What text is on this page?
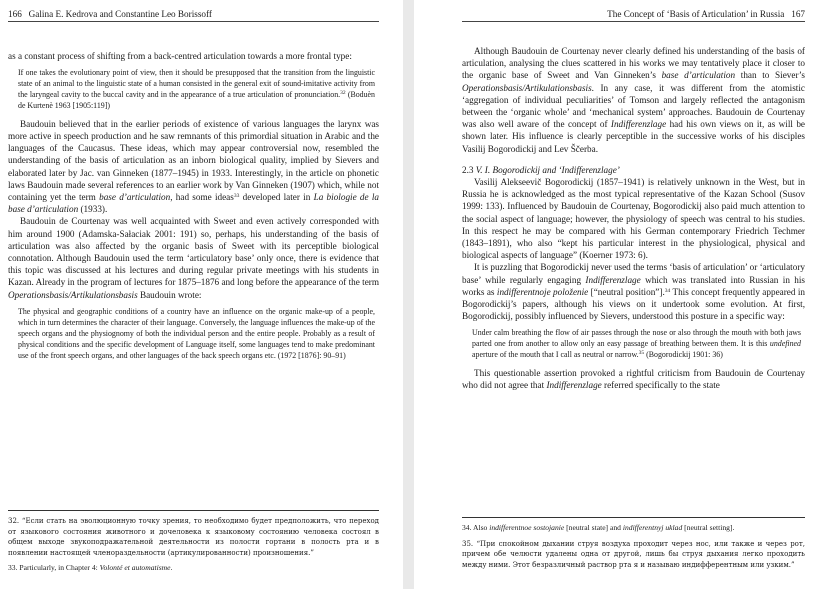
166 Galina E. Kedrova and Constantine Leo Borissoff

as a constant process of shifting from a back-centred articulation towards a more frontal type:

If one takes the evolutionary point of view, then it should be presupposed that the transition from the linguistic state of an animal to the linguistic state of a human consisted in the general exit of sound-imitative activity from the laryngeal cavity to the buccal cavity and in the appearance of a true articulation of pronunciation.$^{32}$ (Boduèn de Kurtenè 1963 [1905:119])

Baudouin believed that in the earlier periods of existence of various languages the larynx was more active in speech production and he saw remnants of this primordial situation in Arabic and the languages of the Caucasus. These ideas, which may appear controversial now, resembled the understanding of the basis of articulation as an inborn biological quality, implied by Sievers and elaborated later by Jac. van Ginneken (1877–1945) in 1933. Interestingly, in the article on phonetic laws Baudouin made several references to an earlier work by Van Ginneken (1907) which, while not containing yet the term base d’articulation, had some ideas$^{33}$ developed later in La biologie de la base d’articulation (1933).

Baudouin de Courtenay was well acquainted with Sweet and even actively corresponded with him around 1900 (Adamska-Sałaciak 2001: 191) so, perhaps, his understanding of the basis of articulation was also affected by the organic basis of Sweet with its perceptible biological connotation. Although Baudouin used the term ‘articulatory base’ only once, there is evidence that this topic was discussed at his lectures and during regular private meetings with his students in Kazan. Already in the program of lectures for 1875–1876 and long before the appearance of the term Operationsbasis/Artikulationsbasis Baudouin wrote:

The physical and geographic conditions of a country have an influence on the organic make-up of a people, which in turn determines the character of their language. Conversely, the language influences the make-up of the speech organs and the physiognomy of both the individual person and the entire people. Probably as a result of physical conditions and the specific development of Language itself, some languages tend to make predominant use of the front speech organs, and other languages of the back speech organs etc. (1972 [1876]: 90–91)

32. “Если стать на эволюционную точку зрения, то необходимо будет предположить, что переход от языкового состояния животного и дочеловека к языковому состоянию человека состоял в общем выходе звукоподражательной деятельности из полости гортани в полость рта и в появлении настоящей членораздельности (артикулированности) произношения.”

33. Particularly, in Chapter 4: Volonté et automatisme.

The Concept of ‘Basis of Articulation’ in Russia 167

Although Baudouin de Courtenay never clearly defined his understanding of the basis of articulation, analysing the clues scattered in his works we may tentatively place it closer to the organic base of Sweet and Van Ginneken’s base d’articulation than to Siever’s Operationsbasis/Artikulationsbasis. In any case, it was different from the atomistic ‘aggregation of individual peculiarities’ of Tomson and largely reflected the antagonism between the ‘organic whole’ and ‘mechanical system’ approaches. Baudouin de Courtenay was also well aware of the concept of Indifferenzlage had his own views on it, as will be shown later. His influence is clearly perceptible in the successive works of his disciples Vasilij Bogorodickij and Lev Ščerba.

2.3 V. I. Bogorodickij and ‘Indifferenzlage’

Vasilij Alekseevič Bogorodickij (1857–1941) is relatively unknown in the West, but in Russia he is acknowledged as the most typical representative of the Kazan School (Susov 1999: 133). Influenced by Baudouin de Courtenay, Bogorodickij also paid much attention to the social aspect of language; however, the physiology of speech was central to his studies. In this respect he may be compared with his German contemporary Friedrich Techmer (1843–1891), who also “kept his particular interest in the physiological, physical and biological aspects of language” (Koerner 1973: 6).

It is puzzling that Bogorodickij never used the terms ‘basis of articulation’ or ‘articulatory base’ while regularly engaging Indifferenzlage which was translated into Russian in his works as indifferentnoje položenie [“neutral position”].$^{34}$ This concept frequently appeared in Bogorodickij’s papers, although his views on it undertook some evolution. At first, Bogorodickij, possibly influenced by Sievers, understood this posture in a specific way:

Under calm breathing the flow of air passes through the nose or also through the mouth with both jaws parted one from another to allow only an easy passage of breathing between them. It is this undefined aperture of the mouth that I call as neutral or narrow.$^{35}$ (Bogorodickij 1901: 36)

This questionable assertion provoked a rightful criticism from Baudouin de Courtenay who did not agree that Indifferenzlage referred specifically to the state

34. Also indifferentnoe sostojanie [neutral state] and indifferentnyj uklad [neutral setting].

35. “При спокойном дыхании струя воздуха проходит через нос, или также и через рот, причем обе челюсти удалены одна от другой, лишь бы струя дыхания легко проходить между ними. Этот безразличный раствор рта я и называю индифферентным или узким.”
